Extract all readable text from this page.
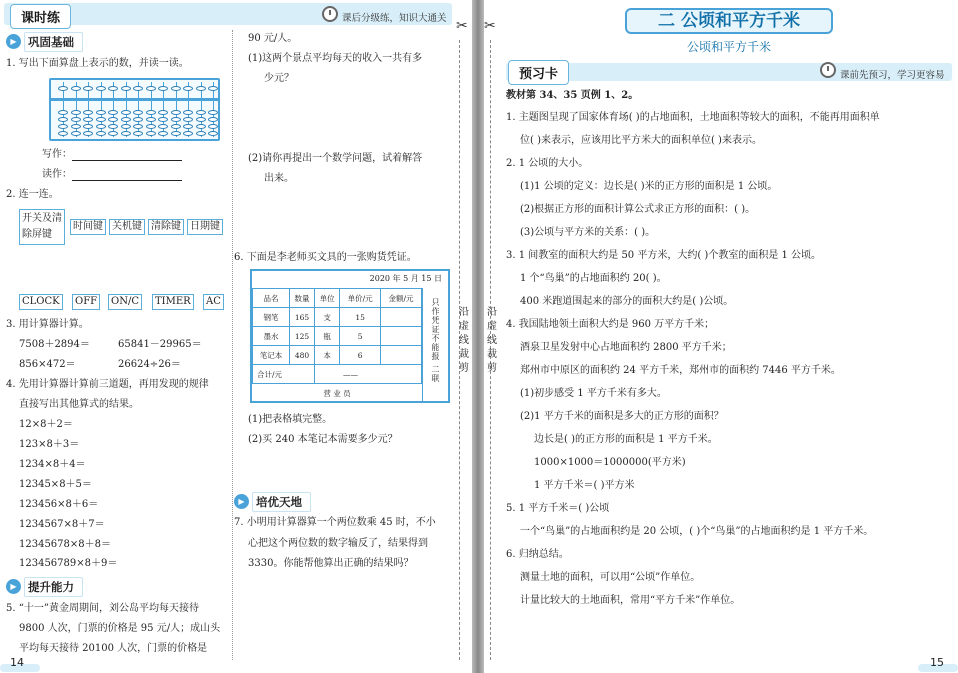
课时练	课后分级练，知识大通关 ✂
沿虚线裁剪
▶ 巩固基础
1. 写出下面算盘上表示的数，并读一读。
写作：
读作：
2. 连一连。
开关及清除屏键
时间键 关机键 清除键 日期键
CLOCK	OFF	ON/C	TIMER	AC
3. 用计算器计算。
7508＋2894＝	65841－29965＝
856×472＝	26624÷26＝
4. 先用计算器计算前三道题，再用发现的规律
直接写出其他算式的结果。
12×8＋2＝
123×8＋3＝
1234×8＋4＝
12345×8＋5＝
123456×8＋6＝
1234567×8＋7＝
12345678×8＋8＝
123456789×8＋9＝
▶ 提升能力
5. “十一”黄金周期间，刘公岛平均每天接待
9800 人次，门票的价格是 95 元/人；成山头
平均每天接待 20100 人次，门票的价格是
90 元/人。
(1)这两个景点平均每天的收入一共有多
少元？
(2)请你再提出一个数学问题，试着解答
出来。
6. 下面是李老师买文具的一张购货凭证。
2020 年 5 月 15 日
品名	数量	单位	单价/元	金额/元
钢笔	165	支	15	
墨水	125	瓶	5	
笔记本	480	本	6	
合计/元		——		
营 业 员				
只作凭证不能报
二联
(1)把表格填完整。
(2)买 240 本笔记本需要多少元？
▶ 培优天地
7. 小明用计算器算一个两位数乘 45 时，不小
心把这个两位数的数字输反了，结果得到
3330。你能帮他算出正确的结果吗？
14
✂
沿虚线裁剪
二 公顷和平方千米
公顷和平方千米
预习卡	课前先预习，学习更容易
教材第 34、35 页例 1、2。
1. 主题图呈现了国家体育场( )的占地面积，土地面积等较大的面积，不能再用面积单
位( )来表示，应该用比平方米大的面积单位( )来表示。
2. 1 公顷的大小。
(1)1 公顷的定义：边长是( )米的正方形的面积是 1 公顷。
(2)根据正方形的面积计算公式求正方形的面积：( )。
(3)公顷与平方米的关系：( )。
3. 1 间教室的面积大约是 50 平方米，大约( )个教室的面积是 1 公顷。
1 个“鸟巢”的占地面积约 20( )。
400 米跑道围起来的部分的面积大约是( )公顷。
4. 我国陆地领土面积大约是 960 万平方千米；
酒泉卫星发射中心占地面积约 2800 平方千米；
郑州市中原区的面积约 24 平方千米，郑州市的面积约 7446 平方千米。
(1)初步感受 1 平方千米有多大。
(2)1 平方千米的面积是多大的正方形的面积？
边长是( )的正方形的面积是 1 平方千米。
1000×1000＝1000000(平方米)
1 平方千米＝( )平方米
5. 1 平方千米＝( )公顷
一个“鸟巢”的占地面积约是 20 公顷，( )个“鸟巢”的占地面积约是 1 平方千米。
6. 归纳总结。
测量土地的面积，可以用“公顷”作单位。
计量比较大的土地面积，常用“平方千米”作单位。
15
